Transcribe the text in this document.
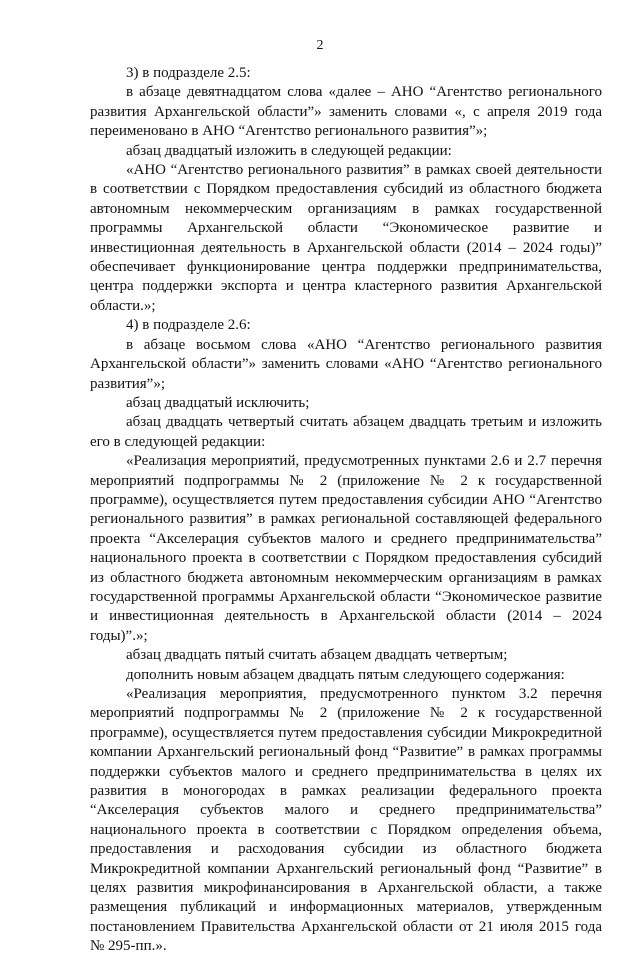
2

3) в подразделе 2.5:

в абзаце девятнадцатом слова «далее – АНО “Агентство регионального развития Архангельской области”» заменить словами «, с апреля 2019 года переименовано в АНО “Агентство регионального развития”»;

абзац двадцатый изложить в следующей редакции:

«АНО “Агентство регионального развития” в рамках своей деятельности в соответствии с Порядком предоставления субсидий из областного бюджета автономным некоммерческим организациям в рамках государственной программы Архангельской области “Экономическое развитие и инвестиционная деятельность в Архангельской области (2014 – 2024 годы)” обеспечивает функционирование центра поддержки предпринимательства, центра поддержки экспорта и центра кластерного развития Архангельской области.»;

4) в подразделе 2.6:

в абзаце восьмом слова «АНО “Агентство регионального развития Архангельской области”» заменить словами «АНО “Агентство регионального развития”»;

абзац двадцатый исключить;

абзац двадцать четвертый считать абзацем двадцать третьим и изложить его в следующей редакции:

«Реализация мероприятий, предусмотренных пунктами 2.6 и 2.7 перечня мероприятий подпрограммы № 2 (приложение № 2 к государственной программе), осуществляется путем предоставления субсидии АНО “Агентство регионального развития” в рамках региональной составляющей федерального проекта “Акселерация субъектов малого и среднего предпринимательства” национального проекта в соответствии с Порядком предоставления субсидий из областного бюджета автономным некоммерческим организациям в рамках государственной программы Архангельской области “Экономическое развитие и инвестиционная деятельность в Архангельской области (2014 – 2024 годы)”.»;

абзац двадцать пятый считать абзацем двадцать четвертым;

дополнить новым абзацем двадцать пятым следующего содержания:

«Реализация мероприятия, предусмотренного пунктом 3.2 перечня мероприятий подпрограммы № 2 (приложение № 2 к государственной программе), осуществляется путем предоставления субсидии Микрокредитной компании Архангельский региональный фонд “Развитие” в рамках программы поддержки субъектов малого и среднего предпринимательства в целях их развития в моногородах в рамках реализации федерального проекта “Акселерация субъектов малого и среднего предпринимательства” национального проекта в соответствии с Порядком определения объема, предоставления и расходования субсидии из областного бюджета Микрокредитной компании Архангельский региональный фонд “Развитие” в целях развития микрофинансирования в Архангельской области, а также размещения публикаций и информационных материалов, утвержденным постановлением Правительства Архангельской области от 21 июля 2015 года № 295-пп.».
